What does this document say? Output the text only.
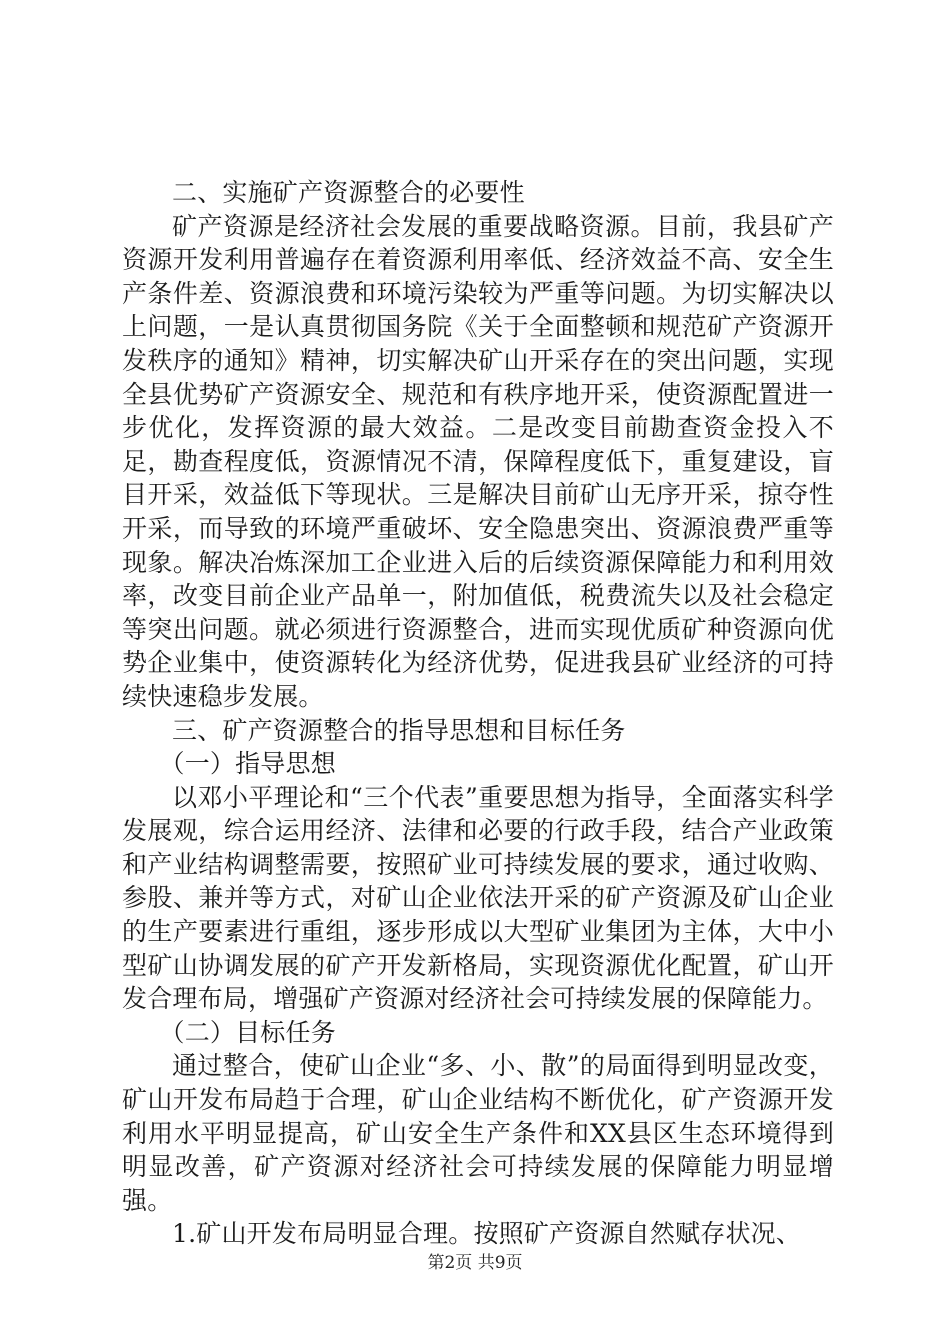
二、实施矿产资源整合的必要性

矿产资源是经济社会发展的重要战略资源。目前，我县矿产资源开发利用普遍存在着资源利用率低、经济效益不高、安全生产条件差、资源浪费和环境污染较为严重等问题。为切实解决以上问题，一是认真贯彻国务院《关于全面整顿和规范矿产资源开发秩序的通知》精神，切实解决矿山开采存在的突出问题，实现全县优势矿产资源安全、规范和有秩序地开采，使资源配置进一步优化，发挥资源的最大效益。二是改变目前勘查资金投入不足，勘查程度低，资源情况不清，保障程度低下，重复建设，盲目开采，效益低下等现状。三是解决目前矿山无序开采，掠夺性开采，而导致的环境严重破坏、安全隐患突出、资源浪费严重等现象。解决冶炼深加工企业进入后的后续资源保障能力和利用效率，改变目前企业产品单一，附加值低，税费流失以及社会稳定等突出问题。就必须进行资源整合，进而实现优质矿种资源向优势企业集中，使资源转化为经济优势，促进我县矿业经济的可持续快速稳步发展。

三、矿产资源整合的指导思想和目标任务

（一）指导思想

以邓小平理论和“三个代表”重要思想为指导，全面落实科学发展观，综合运用经济、法律和必要的行政手段，结合产业政策和产业结构调整需要，按照矿业可持续发展的要求，通过收购、参股、兼并等方式，对矿山企业依法开采的矿产资源及矿山企业的生产要素进行重组，逐步形成以大型矿业集团为主体，大中小型矿山协调发展的矿产开发新格局，实现资源优化配置，矿山开发合理布局，增强矿产资源对经济社会可持续发展的保障能力。

（二）目标任务

通过整合，使矿山企业“多、小、散”的局面得到明显改变，矿山开发布局趋于合理，矿山企业结构不断优化，矿产资源开发利用水平明显提高，矿山安全生产条件和XX县区生态环境得到明显改善，矿产资源对经济社会可持续发展的保障能力明显增强。

1.矿山开发布局明显合理。按照矿产资源自然赋存状况、

第2页 共9页
